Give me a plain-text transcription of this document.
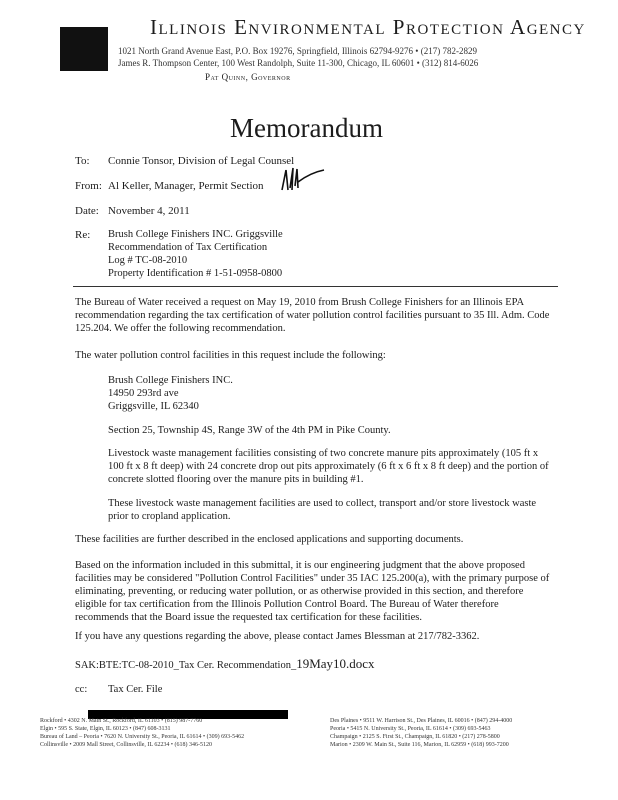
Illinois Environmental Protection Agency
1021 North Grand Avenue East, P.O. Box 19276, Springfield, Illinois 62794-9276 • (217) 782-2829
James R. Thompson Center, 100 West Randolph, Suite 11-300, Chicago, IL 60601 • (312) 814-6026
Pat Quinn, Governor
Memorandum
To: Connie Tonsor, Division of Legal Counsel
From: Al Keller, Manager, Permit Section
Date: November 4, 2011
Re: Brush College Finishers INC. Griggsville
Recommendation of Tax Certification
Log # TC-08-2010
Property Identification # 1-51-0958-0800
The Bureau of Water received a request on May 19, 2010 from Brush College Finishers for an Illinois EPA recommendation regarding the tax certification of water pollution control facilities pursuant to 35 Ill. Adm. Code 125.204. We offer the following recommendation.
The water pollution control facilities in this request include the following:
Brush College Finishers INC.
14950 293rd ave
Griggsville, IL 62340
Section 25, Township 4S, Range 3W of the 4th PM in Pike County.
Livestock waste management facilities consisting of two concrete manure pits approximately (105 ft x 100 ft x 8 ft deep) with 24 concrete drop out pits approximately (6 ft x 6 ft x 8 ft deep) and the portion of concrete slotted flooring over the manure pits in building #1.
These livestock waste management facilities are used to collect, transport and/or store livestock waste prior to cropland application.
These facilities are further described in the enclosed applications and supporting documents.
Based on the information included in this submittal, it is our engineering judgment that the above proposed facilities may be considered "Pollution Control Facilities" under 35 IAC 125.200(a), with the primary purpose of eliminating, preventing, or reducing water pollution, or as otherwise provided in this section, and therefore eligible for tax certification from the Illinois Pollution Control Board. The Bureau of Water therefore recommends that the Board issue the requested tax certification for these facilities.
If you have any questions regarding the above, please contact James Blessman at 217/782-3362.
SAK:BTE:TC-08-2010_Tax Cer. Recommendation_19May10.docx
cc: Tax Cer. File
Rockford • 4302 N. Main St., Rockford, IL 61103 • (815) 987-7760
Elgin • 595 S. State, Elgin, IL 60123 • (847) 608-3131
Bureau of Land – Peoria • 7620 N. University St., Peoria, IL 61614 • (309) 693-5462
Collinsville • 2009 Mall Street, Collinsville, IL 62234 • (618) 346-5120
Des Plaines • 9511 W. Harrison St., Des Plaines, IL 60016 • (847) 294-4000
Peoria • 5415 N. University St., Peoria, IL 61614 • (309) 693-5463
Champaign • 2125 S. First St., Champaign, IL 61820 • (217) 278-5800
Marion • 2309 W. Main St., Suite 116, Marion, IL 62959 • (618) 993-7200
